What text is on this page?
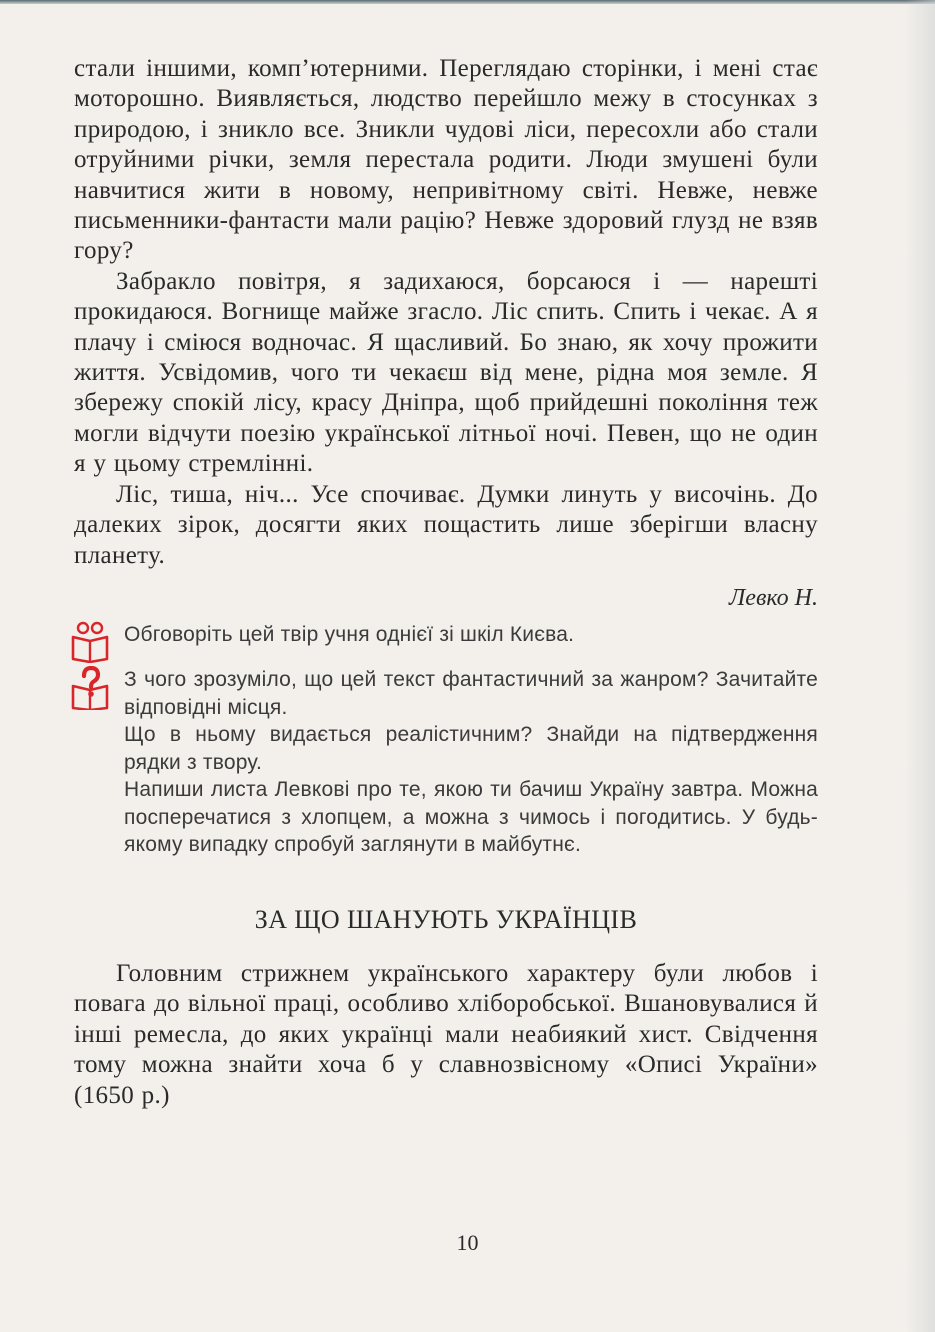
стали іншими, комп’ютерними. Переглядаю сторінки, і мені стає моторошно. Виявляється, людство перейшло межу в стосунках з природою, і зникло все. Зникли чудові ліси, пересохли або стали отруйними річки, земля перестала родити. Люди змушені були навчитися жити в новому, непривітному світі. Невже, невже письменники-фантасти мали рацію? Невже здоровий глузд не взяв гору?

Забракло повітря, я задихаюся, борсаюся і — нарешті прокидаюся. Вогнище майже згасло. Ліс спить. Спить і чекає. А я плачу і сміюся водночас. Я щасливий. Бо знаю, як хочу прожити життя. Усвідомив, чого ти чекаєш від мене, рідна моя земле. Я збережу спокій лісу, красу Дніпра, щоб прийдешні покоління теж могли відчути поезію української літньої ночі. Певен, що не один я у цьому стремлінні.

Ліс, тиша, ніч... Усе спочиває. Думки линуть у височінь. До далеких зірок, досягти яких пощастить лише зберігши власну планету.

Левко Н.

Обговоріть цей твір учня однієї зі шкіл Києва.

З чого зрозуміло, що цей текст фантастичний за жанром? Зачитайте відповідні місця.

Що в ньому видається реалістичним? Знайди на підтвердження рядки з твору.

Напиши листа Левкові про те, якою ти бачиш Україну завтра. Можна посперечатися з хлопцем, а можна з чимось і погодитись. У будь-якому випадку спробуй заглянути в майбутнє.

ЗА ЩО ШАНУЮТЬ УКРАЇНЦІВ

Головним стрижнем українського характеру були любов і повага до вільної праці, особливо хліборобської. Вшановувалися й інші ремесла, до яких українці мали неабиякий хист. Свідчення тому можна знайти хоча б у славнозвісному «Описі України» (1650 р.)

10
